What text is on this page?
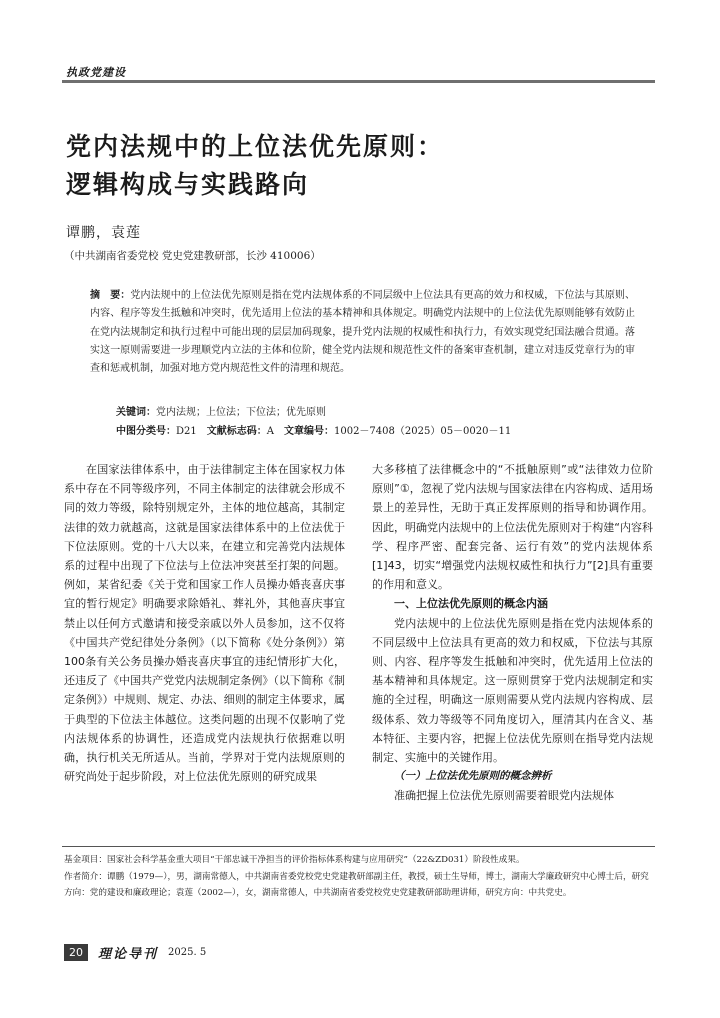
执政党建设
党内法规中的上位法优先原则：
逻辑构成与实践路向
谭鹏，袁莲
（中共湖南省委党校 党史党建教研部，长沙 410006）

摘　要：党内法规中的上位法优先原则是指在党内法规体系的不同层级中上位法具有更高的效力和权威，下位法与其原则、内容、程序等发生抵触和冲突时，优先适用上位法的基本精神和具体规定。明确党内法规中的上位法优先原则能够有效防止在党内法规制定和执行过程中可能出现的层层加码现象，提升党内法规的权威性和执行力，有效实现党纪国法融合贯通。落实这一原则需要进一步理顺党内立法的主体和位阶，健全党内法规和规范性文件的备案审查机制，建立对违反党章行为的审查和惩戒机制，加强对地方党内规范性文件的清理和规范。

关键词：党内法规；上位法；下位法；优先原则
中图分类号：D21 文献标志码：A 文章编号：1002－7408（2025）05－0020－11

在国家法律体系中，由于法律制定主体在国家权力体系中存在不同等级序列，不同主体制定的法律就会形成不同的效力等级，除特别规定外，主体的地位越高，其制定法律的效力就越高，这就是国家法律体系中的上位法优于下位法原则。党的十八大以来，在建立和完善党内法规体系的过程中出现了下位法与上位法冲突甚至打架的问题。例如，某省纪委《关于党和国家工作人员操办婚丧喜庆事宜的暂行规定》明确要求除婚礼、葬礼外，其他喜庆事宜禁止以任何方式邀请和接受亲戚以外人员参加，这不仅将《中国共产党纪律处分条例》（以下简称《处分条例》）第100条有关公务员操办婚丧喜庆事宜的违纪情形扩大化，还违反了《中国共产党党内法规制定条例》（以下简称《制定条例》）中规则、规定、办法、细则的制定主体要求，属于典型的下位法主体越位。这类问题的出现不仅影响了党内法规体系的协调性，还造成党内法规执行依据难以明确，执行机关无所适从。当前，学界对于党内法规原则的研究尚处于起步阶段，对上位法优先原则的研究成果

大多移植了法律概念中的“不抵触原则”或“法律效力位阶原则”①，忽视了党内法规与国家法律在内容构成、适用场景上的差异性，无助于真正发挥原则的指导和协调作用。因此，明确党内法规中的上位法优先原则对于构建“内容科学、程序严密、配套完备、运行有效”的党内法规体系[1]43，切实“增强党内法规权威性和执行力”[2]具有重要的作用和意义。

一、上位法优先原则的概念内涵

党内法规中的上位法优先原则是指在党内法规体系的不同层级中上位法具有更高的效力和权威，下位法与其原则、内容、程序等发生抵触和冲突时，优先适用上位法的基本精神和具体规定。这一原则贯穿于党内法规制定和实施的全过程，明确这一原则需要从党内法规内容构成、层级体系、效力等级等不同角度切入，厘清其内在含义、基本特征、主要内容，把握上位法优先原则在指导党内法规制定、实施中的关键作用。

（一）上位法优先原则的概念辨析

准确把握上位法优先原则需要着眼党内法规体

基金项目：国家社会科学基金重大项目“干部忠诚干净担当的评价指标体系构建与应用研究”（22&ZD031）阶段性成果。

作者简介：谭鹏（1979—），男，湖南常德人，中共湖南省委党校党史党建教研部副主任，教授，硕士生导师，博士，湖南大学廉政研究中心博士后，研究方向：党的建设和廉政理论；袁莲（2002—），女，湖南常德人，中共湖南省委党校党史党建教研部助理讲师，研究方向：中共党史。

20	理论导刊 2025. 5
